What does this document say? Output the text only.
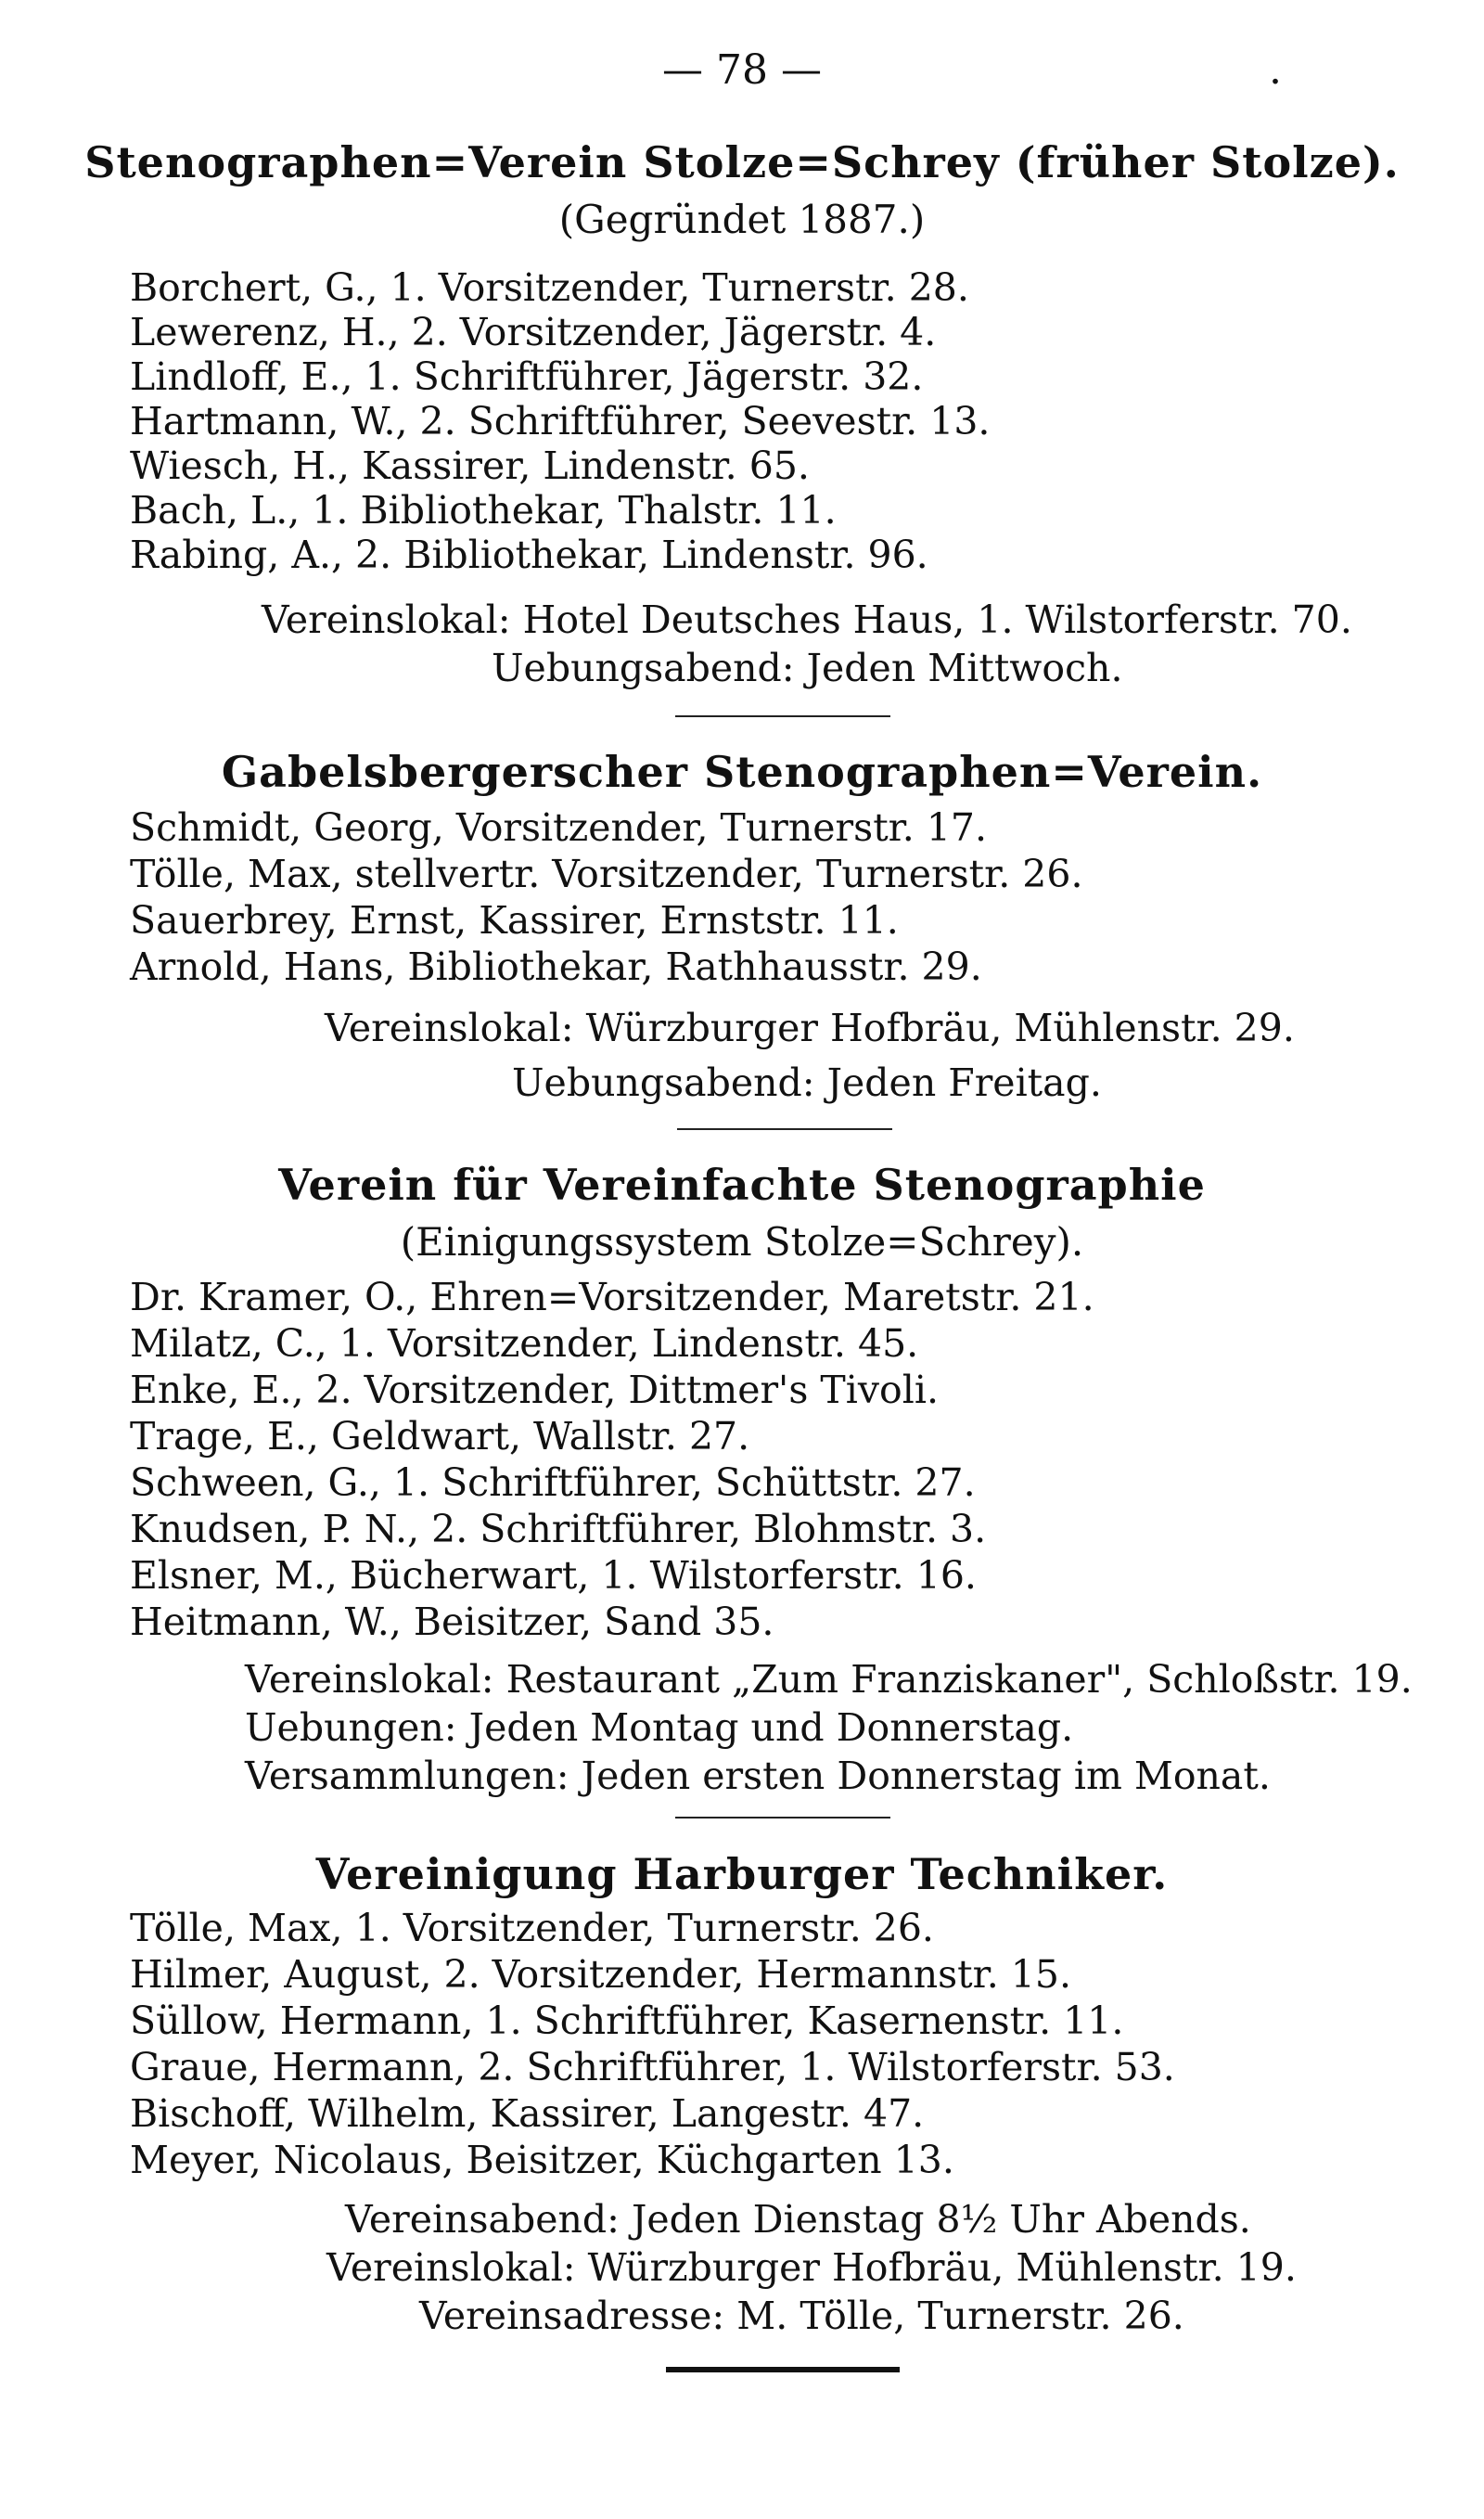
— 78 —	.
Stenographen=Verein Stolze=Schrey (früher Stolze).
(Gegründet 1887.)
Borchert, G., 1. Vorsitzender, Turnerstr. 28.
Lewerenz, H., 2. Vorsitzender, Jägerstr. 4.
Lindloff, E., 1. Schriftführer, Jägerstr. 32.
Hartmann, W., 2. Schriftführer, Seevestr. 13.
Wiesch, H., Kassirer, Lindenstr. 65.
Bach, L., 1. Bibliothekar, Thalstr. 11.
Rabing, A., 2. Bibliothekar, Lindenstr. 96.
Vereinslokal: Hotel Deutsches Haus, 1. Wilstorferstr. 70.
Uebungsabend: Jeden Mittwoch.
Gabelsbergerscher Stenographen=Verein.
Schmidt, Georg, Vorsitzender, Turnerstr. 17.
Tölle, Max, stellvertr. Vorsitzender, Turnerstr. 26.
Sauerbrey, Ernst, Kassirer, Ernststr. 11.
Arnold, Hans, Bibliothekar, Rathhausstr. 29.
Vereinslokal: Würzburger Hofbräu, Mühlenstr. 29.
Uebungsabend: Jeden Freitag.
Verein für Vereinfachte Stenographie
(Einigungssystem Stolze=Schrey).
Dr. Kramer, O., Ehren=Vorsitzender, Maretstr. 21.
Milatz, C., 1. Vorsitzender, Lindenstr. 45.
Enke, E., 2. Vorsitzender, Dittmer's Tivoli.
Trage, E., Geldwart, Wallstr. 27.
Schween, G., 1. Schriftführer, Schüttstr. 27.
Knudsen, P. N., 2. Schriftführer, Blohmstr. 3.
Elsner, M., Bücherwart, 1. Wilstorferstr. 16.
Heitmann, W., Beisitzer, Sand 35.
Vereinslokal: Restaurant „Zum Franziskaner", Schloßstr. 19.
Uebungen: Jeden Montag und Donnerstag.
Versammlungen: Jeden ersten Donnerstag im Monat.
Vereinigung Harburger Techniker.
Tölle, Max, 1. Vorsitzender, Turnerstr. 26.
Hilmer, August, 2. Vorsitzender, Hermannstr. 15.
Süllow, Hermann, 1. Schriftführer, Kasernenstr. 11.
Graue, Hermann, 2. Schriftführer, 1. Wilstorferstr. 53.
Bischoff, Wilhelm, Kassirer, Langestr. 47.
Meyer, Nicolaus, Beisitzer, Küchgarten 13.
Vereinsabend: Jeden Dienstag 8½ Uhr Abends.
Vereinslokal: Würzburger Hofbräu, Mühlenstr. 19.
Vereinsadresse: M. Tölle, Turnerstr. 26.
